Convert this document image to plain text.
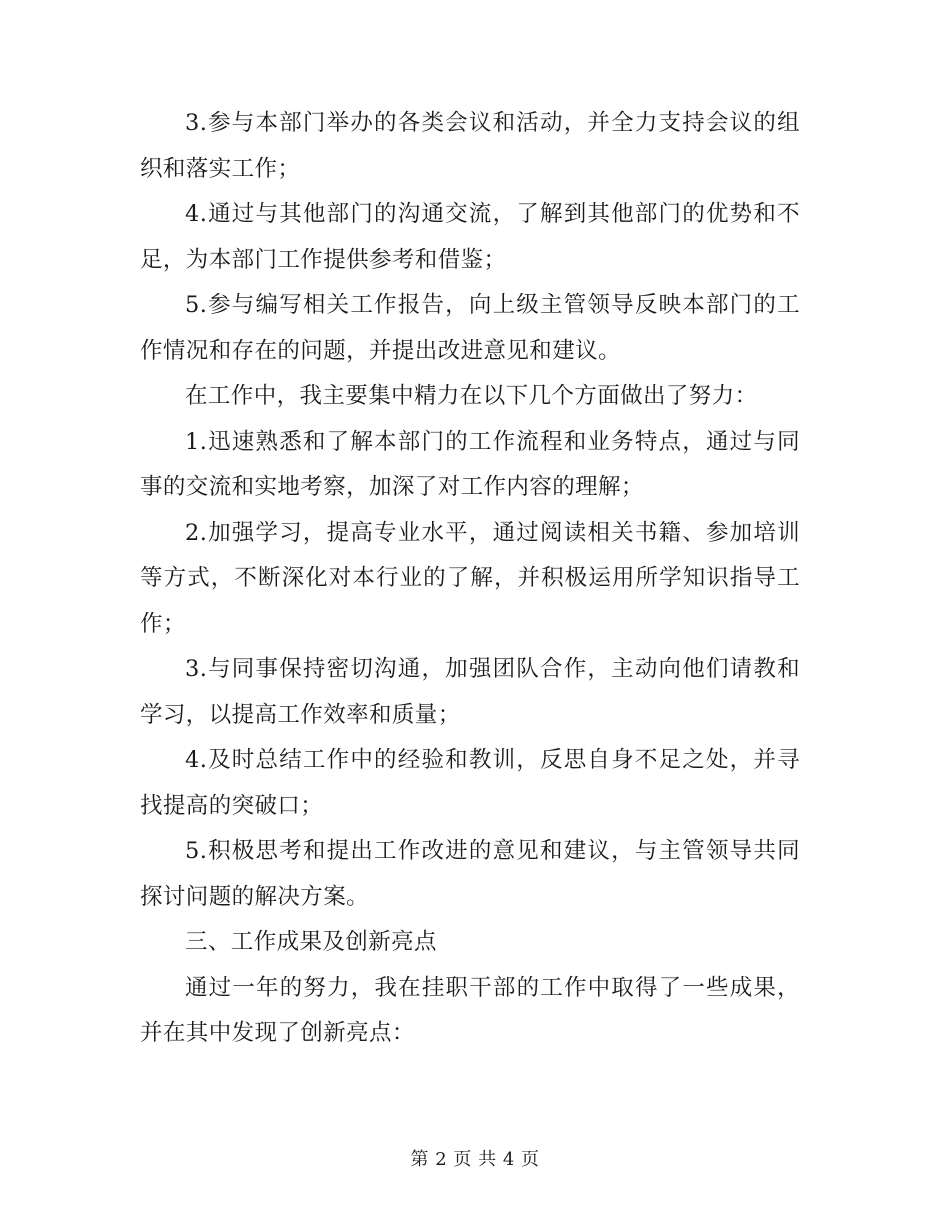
3.参与本部门举办的各类会议和活动，并全力支持会议的组织和落实工作；

4.通过与其他部门的沟通交流，了解到其他部门的优势和不足，为本部门工作提供参考和借鉴；

5.参与编写相关工作报告，向上级主管领导反映本部门的工作情况和存在的问题，并提出改进意见和建议。

在工作中，我主要集中精力在以下几个方面做出了努力：

1.迅速熟悉和了解本部门的工作流程和业务特点，通过与同事的交流和实地考察，加深了对工作内容的理解；

2.加强学习，提高专业水平，通过阅读相关书籍、参加培训等方式，不断深化对本行业的了解，并积极运用所学知识指导工作；

3.与同事保持密切沟通，加强团队合作，主动向他们请教和学习，以提高工作效率和质量；

4.及时总结工作中的经验和教训，反思自身不足之处，并寻找提高的突破口；

5.积极思考和提出工作改进的意见和建议，与主管领导共同探讨问题的解决方案。

三、工作成果及创新亮点

通过一年的努力，我在挂职干部的工作中取得了一些成果，并在其中发现了创新亮点：

第 2 页 共 4 页
